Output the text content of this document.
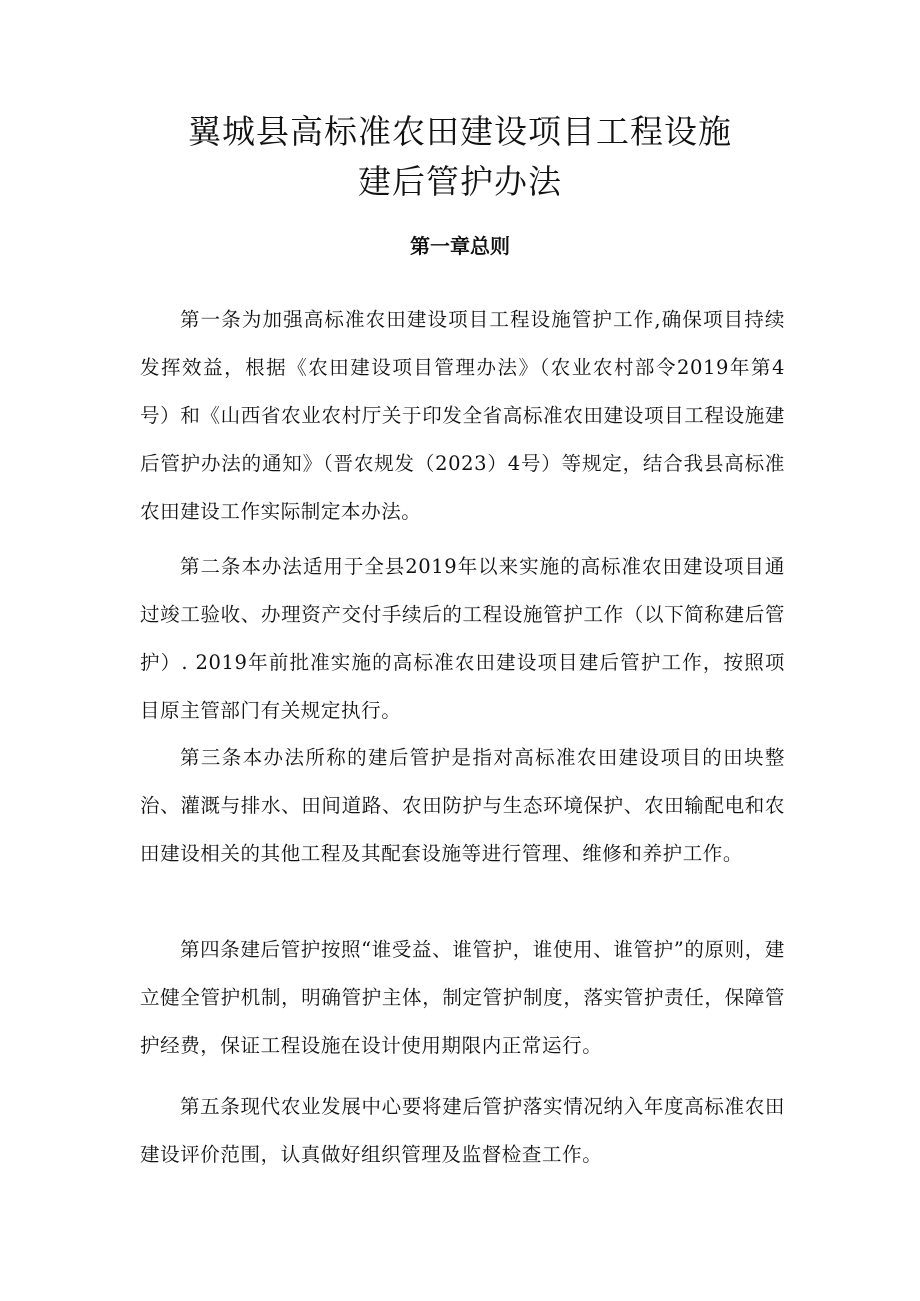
翼城县高标准农田建设项目工程设施
建后管护办法
第一章总则

第一条为加强高标准农田建设项目工程设施管护工作,确保项目持续发挥效益，根据《农田建设项目管理办法》（农业农村部令2019年第4号）和《山西省农业农村厅关于印发全省高标准农田建设项目工程设施建后管护办法的通知》（晋农规发（2023）4号）等规定，结合我县高标准农田建设工作实际制定本办法。

第二条本办法适用于全县2019年以来实施的高标准农田建设项目通过竣工验收、办理资产交付手续后的工程设施管护工作（以下简称建后管护）. 2019年前批准实施的高标准农田建设项目建后管护工作，按照项目原主管部门有关规定执行。

第三条本办法所称的建后管护是指对高标准农田建设项目的田块整治、灌溉与排水、田间道路、农田防护与生态环境保护、农田输配电和农田建设相关的其他工程及其配套设施等进行管理、维修和养护工作。

第四条建后管护按照“谁受益、谁管护，谁使用、谁管护”的原则，建立健全管护机制，明确管护主体，制定管护制度，落实管护责任，保障管护经费，保证工程设施在设计使用期限内正常运行。

第五条现代农业发展中心要将建后管护落实情况纳入年度高标准农田建设评价范围，认真做好组织管理及监督检查工作。
